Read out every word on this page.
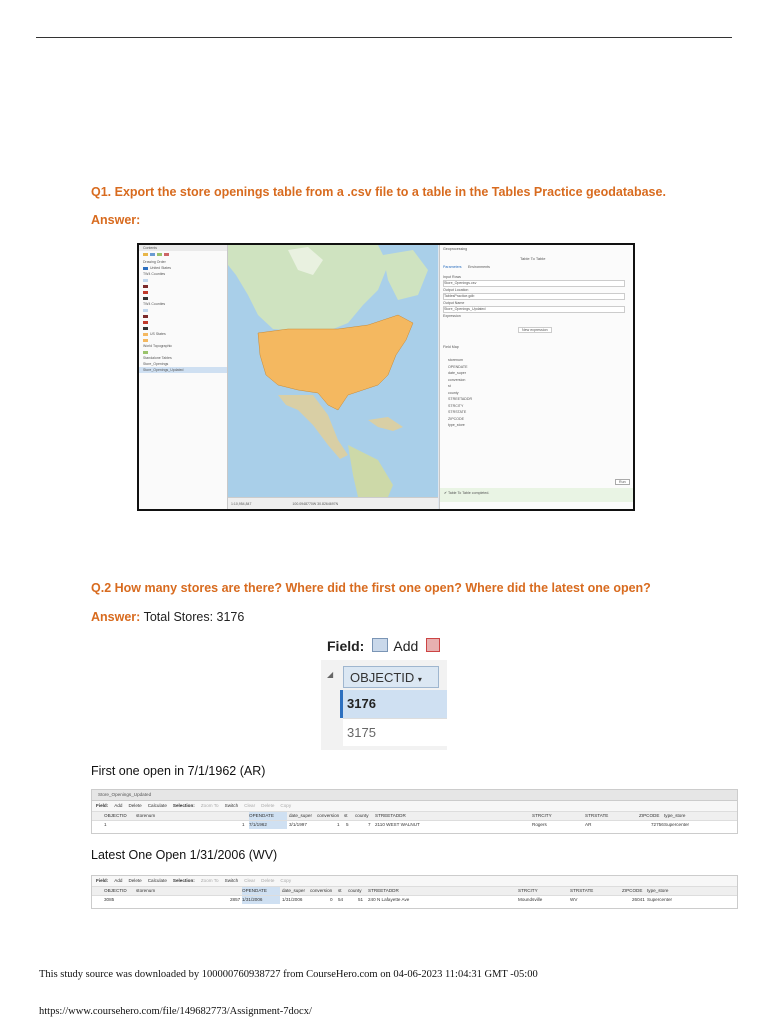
Q1. Export the store openings table from a .csv file to a table in the Tables Practice geodatabase.
Answer:
Contents
Drawing Order
United States
TW4 Counties
TW4 Counties
US States
World Topographic
Standalone Tables
Store_Openings
Store_Openings_Updated
1:10,954,847	100.0948770W 30.8264697N
Geoprocessing
Table To Table
Parameters Environments
Input Rows
Store_Openings.csv
Output Location
TablesPractice.gdb
Output Name
Store_Openings_Updated
Expression
New expression
Field Map
storenum
OPENDATE
date_super
conversion
st
county
STREETADDR
STRCITY
STRSTATE
ZIPCODE
type_store
Run
✔ Table To Table completed.
Q.2 How many stores are there? Where did the first one open? Where did the latest one open?
Answer: Total Stores: 3176
Field: Add
◢	OBJECTID ▾
3176
3175
First one open in 7/1/1962 (AR)
Store_Openings_Updated
Field: Add Delete Calculate Selection: Zoom To Switch Clear Delete Copy
OBJECTID storenum	OPENDATE	date_super conversion st county STREETADDR	STRCITY	STRSTATE	ZIPCODE type_store
1	1 7/1/1962	3/1/1997	1 5	7 2110 WEST WALNUT	Rogers	AR	72756 Supercenter
Latest One Open 1/31/2006 (WV)
Field: Add Delete Calculate Selection: Zoom To Switch Clear Delete Copy
OBJECTID storenum	OPENDATE	date_super conversion st county STREETADDR	STRCITY	STRSTATE	ZIPCODE type_store
3085	2857 1/31/2006	1/31/2006	0 54	51 240 N Lafayette Ave	Moundsville	WV	26041 Supercenter
This study source was downloaded by 100000760938727 from CourseHero.com on 04-06-2023 11:04:31 GMT -05:00
https://www.coursehero.com/file/149682773/Assignment-7docx/
